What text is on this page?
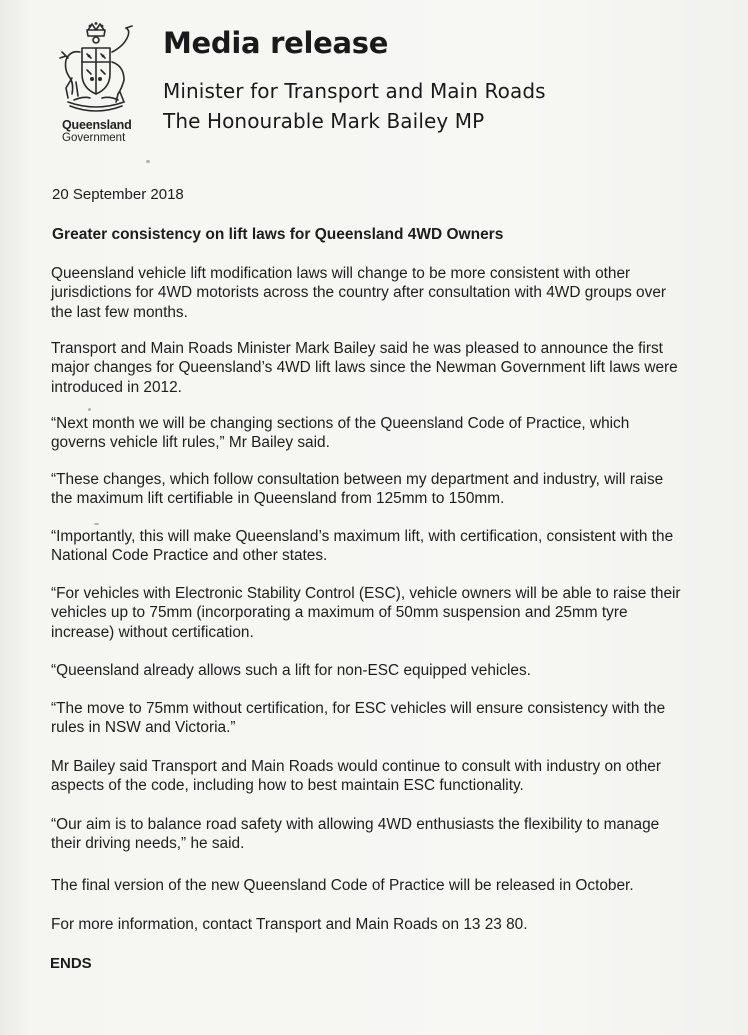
Queensland
Government
Media release
Minister for Transport and Main Roads
The Honourable Mark Bailey MP
20 September 2018
Greater consistency on lift laws for Queensland 4WD Owners
Queensland vehicle lift modification laws will change to be more consistent with other
jurisdictions for 4WD motorists across the country after consultation with 4WD groups over
the last few months.
Transport and Main Roads Minister Mark Bailey said he was pleased to announce the first
major changes for Queensland’s 4WD lift laws since the Newman Government lift laws were
introduced in 2012.
“Next month we will be changing sections of the Queensland Code of Practice, which
governs vehicle lift rules,” Mr Bailey said.
“These changes, which follow consultation between my department and industry, will raise
the maximum lift certifiable in Queensland from 125mm to 150mm.
“Importantly, this will make Queensland’s maximum lift, with certification, consistent with the
National Code Practice and other states.
“For vehicles with Electronic Stability Control (ESC), vehicle owners will be able to raise their
vehicles up to 75mm (incorporating a maximum of 50mm suspension and 25mm tyre
increase) without certification.
“Queensland already allows such a lift for non-ESC equipped vehicles.
“The move to 75mm without certification, for ESC vehicles will ensure consistency with the
rules in NSW and Victoria.”
Mr Bailey said Transport and Main Roads would continue to consult with industry on other
aspects of the code, including how to best maintain ESC functionality.
“Our aim is to balance road safety with allowing 4WD enthusiasts the flexibility to manage
their driving needs,” he said.
The final version of the new Queensland Code of Practice will be released in October.
For more information, contact Transport and Main Roads on 13 23 80.
ENDS
